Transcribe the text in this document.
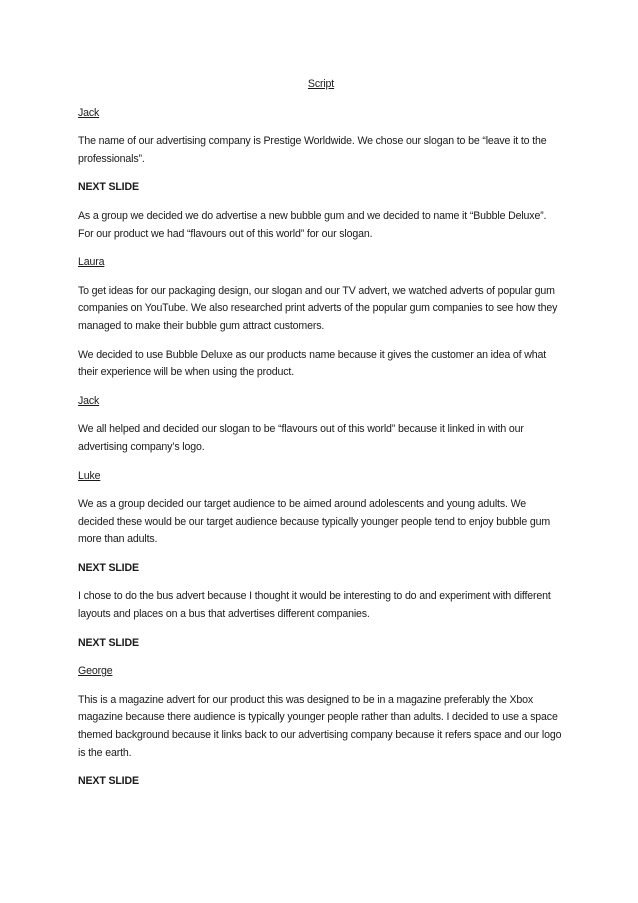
Script

Jack

The name of our advertising company is Prestige Worldwide. We chose our slogan to be “leave it to the professionals”.

NEXT SLIDE

As a group we decided we do advertise a new bubble gum and we decided to name it “Bubble Deluxe”. For our product we had “flavours out of this world” for our slogan.

Laura

To get ideas for our packaging design, our slogan and our TV advert, we watched adverts of popular gum companies on YouTube. We also researched print adverts of the popular gum companies to see how they managed to make their bubble gum attract customers.

We decided to use Bubble Deluxe as our products name because it gives the customer an idea of what their experience will be when using the product.

Jack

We all helped and decided our slogan to be “flavours out of this world” because it linked in with our advertising company’s logo.

Luke

We as a group decided our target audience to be aimed around adolescents and young adults. We decided these would be our target audience because typically younger people tend to enjoy bubble gum more than adults.

NEXT SLIDE

I chose to do the bus advert because I thought it would be interesting to do and experiment with different layouts and places on a bus that advertises different companies.

NEXT SLIDE

George

This is a magazine advert for our product this was designed to be in a magazine preferably the Xbox magazine because there audience is typically younger people rather than adults. I decided to use a space themed background because it links back to our advertising company because it refers space and our logo is the earth.

NEXT SLIDE
